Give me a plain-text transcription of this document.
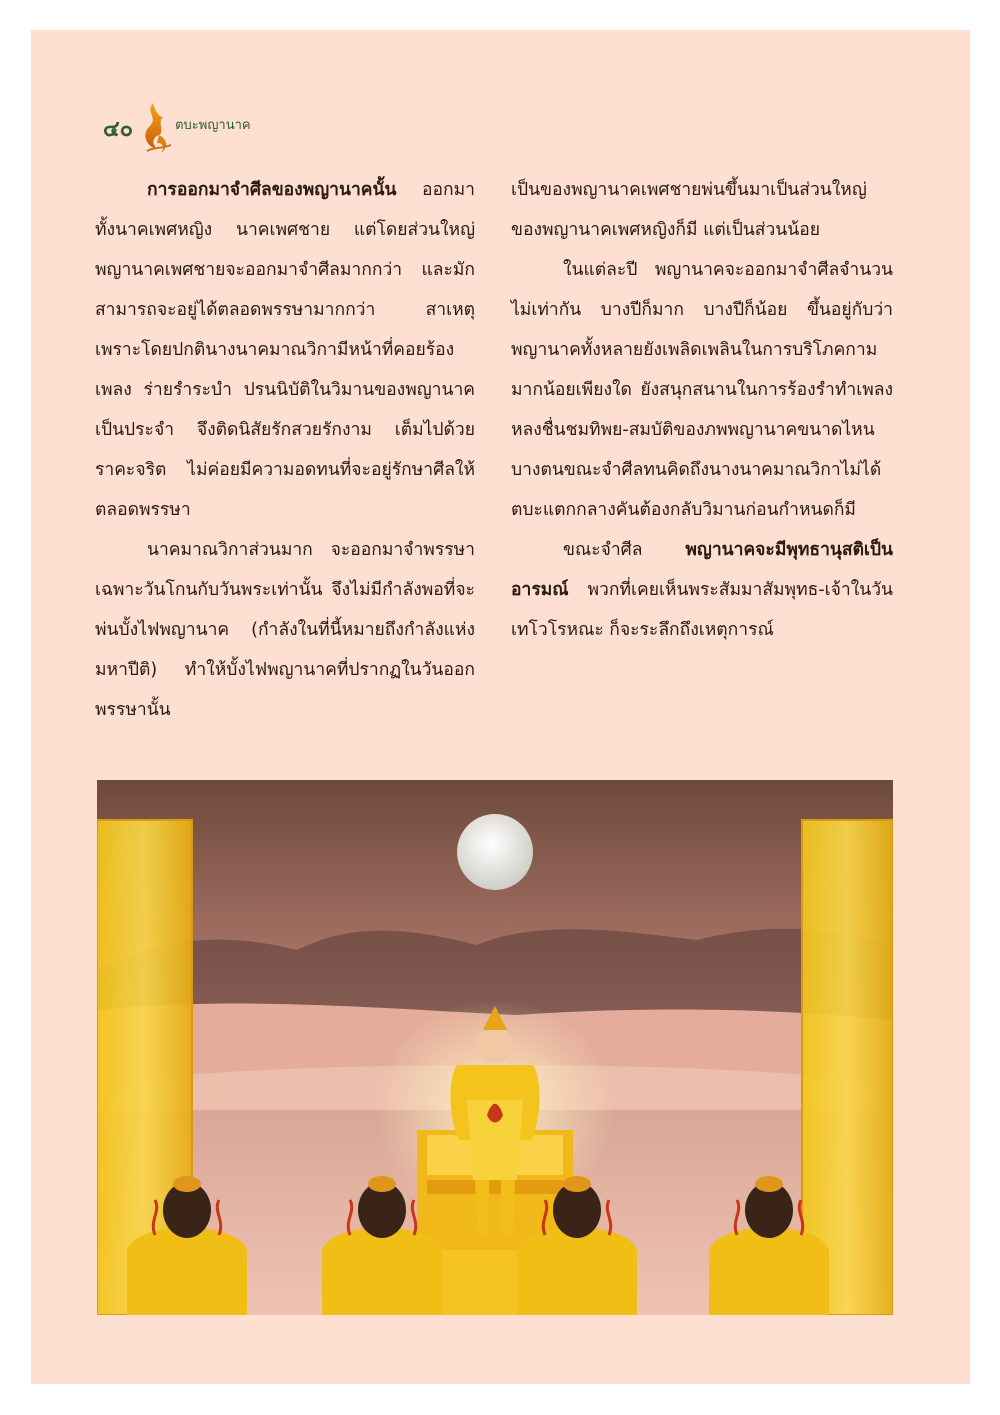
๔๐	ตบะพญานาค

การออกมาจำศีลของพญานาคนั้น ออกมาทั้งนาคเพศหญิง นาคเพศชาย แต่โดยส่วนใหญ่ พญานาคเพศชายจะออกมาจำศีลมากกว่า และมักสามารถจะอยู่ได้ตลอดพรรษามากกว่า สาเหตุเพราะโดยปกตินางนาคมาณวิกามีหน้าที่คอยร้องเพลง ร่ายรำระบำ ปรนนิบัติในวิมานของพญานาคเป็นประจำ จึงติดนิสัยรักสวยรักงาม เต็มไปด้วยราคะจริต ไม่ค่อยมีความอดทนที่จะอยู่รักษาศีลให้ตลอดพรรษา

นาคมาณวิกาส่วนมาก จะออกมาจำพรรษาเฉพาะวันโกนกับวันพระเท่านั้น จึงไม่มีกำลังพอที่จะพ่นบั้งไฟพญานาค (กำลังในที่นี้หมายถึงกำลังแห่งมหาปีติ) ทำให้บั้งไฟพญานาคที่ปรากฏในวันออกพรรษานั้น

เป็นของพญานาคเพศชายพ่นขึ้นมาเป็นส่วนใหญ่ ของพญานาคเพศหญิงก็มี แต่เป็นส่วนน้อย

ในแต่ละปี พญานาคจะออกมาจำศีลจำนวนไม่เท่ากัน บางปีก็มาก บางปีก็น้อย ขึ้นอยู่กับว่า พญานาคทั้งหลายยังเพลิดเพลินในการบริโภคกามมากน้อยเพียงใด ยังสนุกสนานในการร้องรำทำเพลง หลงชื่นชมทิพย-สมบัติของภพพญานาคขนาดไหน บางตนขณะจำศีลทนคิดถึงนางนาคมาณวิกาไม่ได้ตบะแตกกลางคันต้องกลับวิมานก่อนกำหนดก็มี

ขณะจำศีล พญานาคจะมีพุทธานุสติเป็นอารมณ์ พวกที่เคยเห็นพระสัมมาสัมพุทธ-เจ้าในวันเทโวโรหณะ ก็จะระลึกถึงเหตุการณ์
